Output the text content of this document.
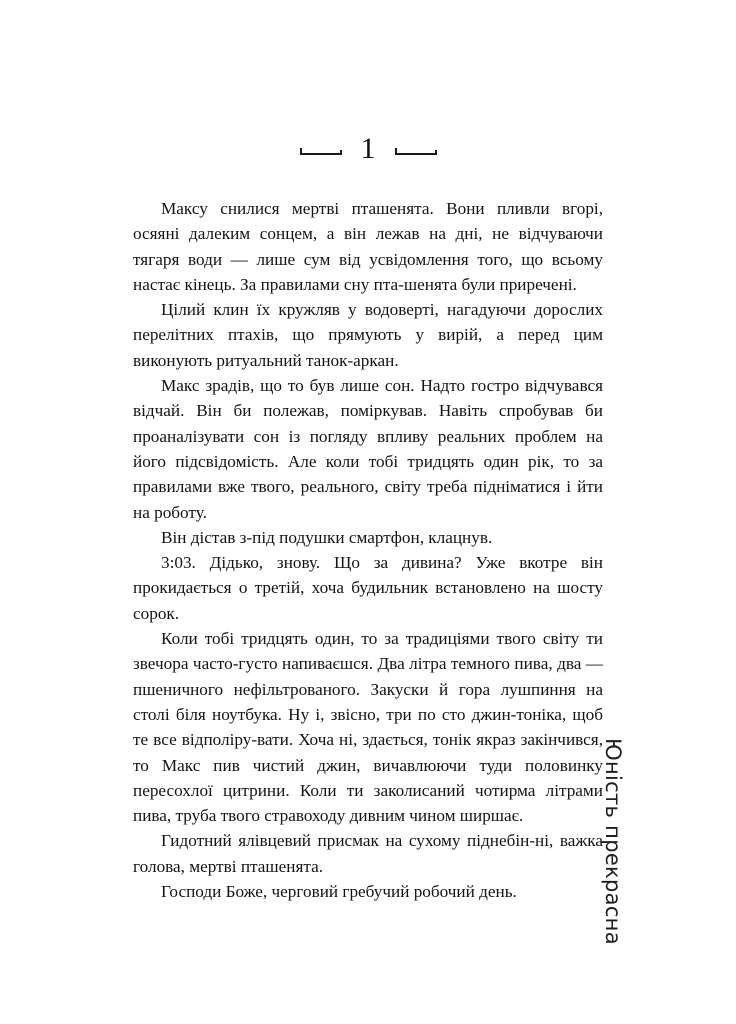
1

Максу снилися мертві пташенята. Вони пливли вгорі, осяяні далеким сонцем, а він лежав на дні, не відчуваючи тягаря води — лише сум від усвідомлення того, що всьому настає кінець. За правилами сну пта-шенята були приречені.

Цілий клин їх кружляв у водоверті, нагадуючи дорослих перелітних птахів, що прямують у вирій, а перед цим виконують ритуальний танок-аркан.

Макс зрадів, що то був лише сон. Надто гостро відчувався відчай. Він би полежав, поміркував. Навіть спробував би проаналізувати сон із погляду впливу реальних проблем на його підсвідомість. Але коли тобі тридцять один рік, то за правилами вже твого, реального, світу треба підніматися і йти на роботу.

Він дістав з-під подушки смартфон, клацнув.

3:03. Дідько, знову. Що за дивина? Уже вкотре він прокидається о третій, хоча будильник встановлено на шосту сорок.

Коли тобі тридцять один, то за традиціями твого світу ти звечора часто-густо напиваєшся. Два літра темного пива, два — пшеничного нефільтрованого. Закуски й гора лушпиння на столі біля ноутбука. Ну і, звісно, три по сто джин-тоніка, щоб те все відполіру-вати. Хоча ні, здається, тонік якраз закінчився, то Макс пив чистий джин, вичавлюючи туди половинку пересохлої цитрини. Коли ти заколисаний чотирма літрами пива, труба твого стравоходу дивним чином ширшає.

Гидотний ялівцевий присмак на сухому піднебін-ні, важка голова, мертві пташенята.

Господи Боже, черговий гребучий робочий день.	Юність прекрасна
